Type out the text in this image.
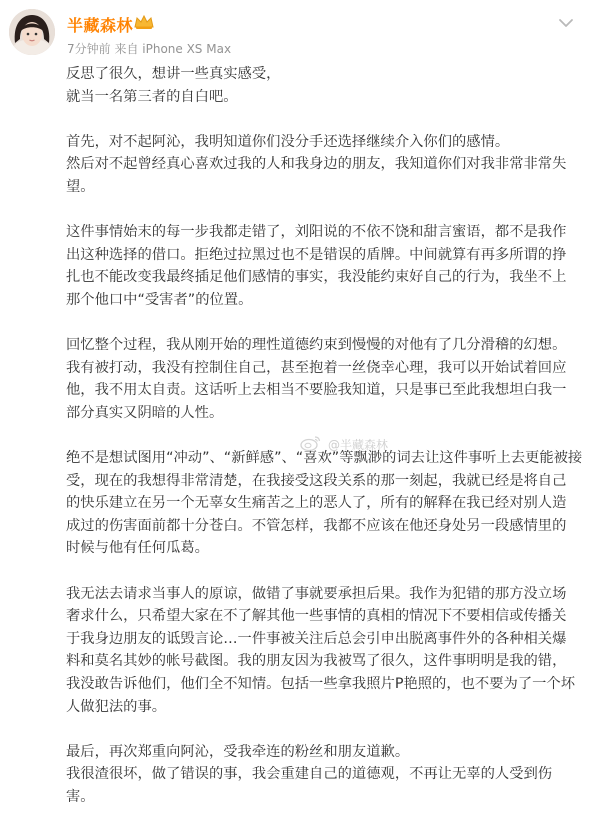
半藏森林
7分钟前 来自 iPhone XS Max
反思了很久，想讲一些真实感受，
就当一名第三者的自白吧。
首先，对不起阿沁，我明知道你们没分手还选择继续介入你们的感情。
然后对不起曾经真心喜欢过我的人和我身边的朋友，我知道你们对我非常非常失
望。
这件事情始末的每一步我都走错了，刘阳说的不依不饶和甜言蜜语，都不是我作
出这种选择的借口。拒绝过拉黑过也不是错误的盾牌。中间就算有再多所谓的挣
扎也不能改变我最终插足他们感情的事实，我没能约束好自己的行为，我坐不上
那个他口中“受害者”的位置。
回忆整个过程，我从刚开始的理性道德约束到慢慢的对他有了几分滑稽的幻想。
我有被打动，我没有控制住自己，甚至抱着一丝侥幸心理，我可以开始试着回应
他，我不用太自责。这话听上去相当不要脸我知道，只是事已至此我想坦白我一
部分真实又阴暗的人性。
绝不是想试图用“冲动”、“新鲜感”、“喜欢”等飘渺的词去让这件事听上去更能被接
受，现在的我想得非常清楚，在我接受这段关系的那一刻起，我就已经是将自己
的快乐建立在另一个无辜女生痛苦之上的恶人了，所有的解释在我已经对别人造
成过的伤害面前都十分苍白。不管怎样，我都不应该在他还身处另一段感情里的
时候与他有任何瓜葛。
我无法去请求当事人的原谅，做错了事就要承担后果。我作为犯错的那方没立场
奢求什么，只希望大家在不了解其他一些事情的真相的情况下不要相信或传播关
于我身边朋友的诋毁言论…一件事被关注后总会引申出脱离事件外的各种相关爆
料和莫名其妙的帐号截图。我的朋友因为我被骂了很久，这件事明明是我的错，
我没敢告诉他们，他们全不知情。包括一些拿我照片P艳照的，也不要为了一个坏
人做犯法的事。
最后，再次郑重向阿沁，受我牵连的粉丝和朋友道歉。
我很渣很坏，做了错误的事，我会重建自己的道德观，不再让无辜的人受到伤
害。
@半藏森林
